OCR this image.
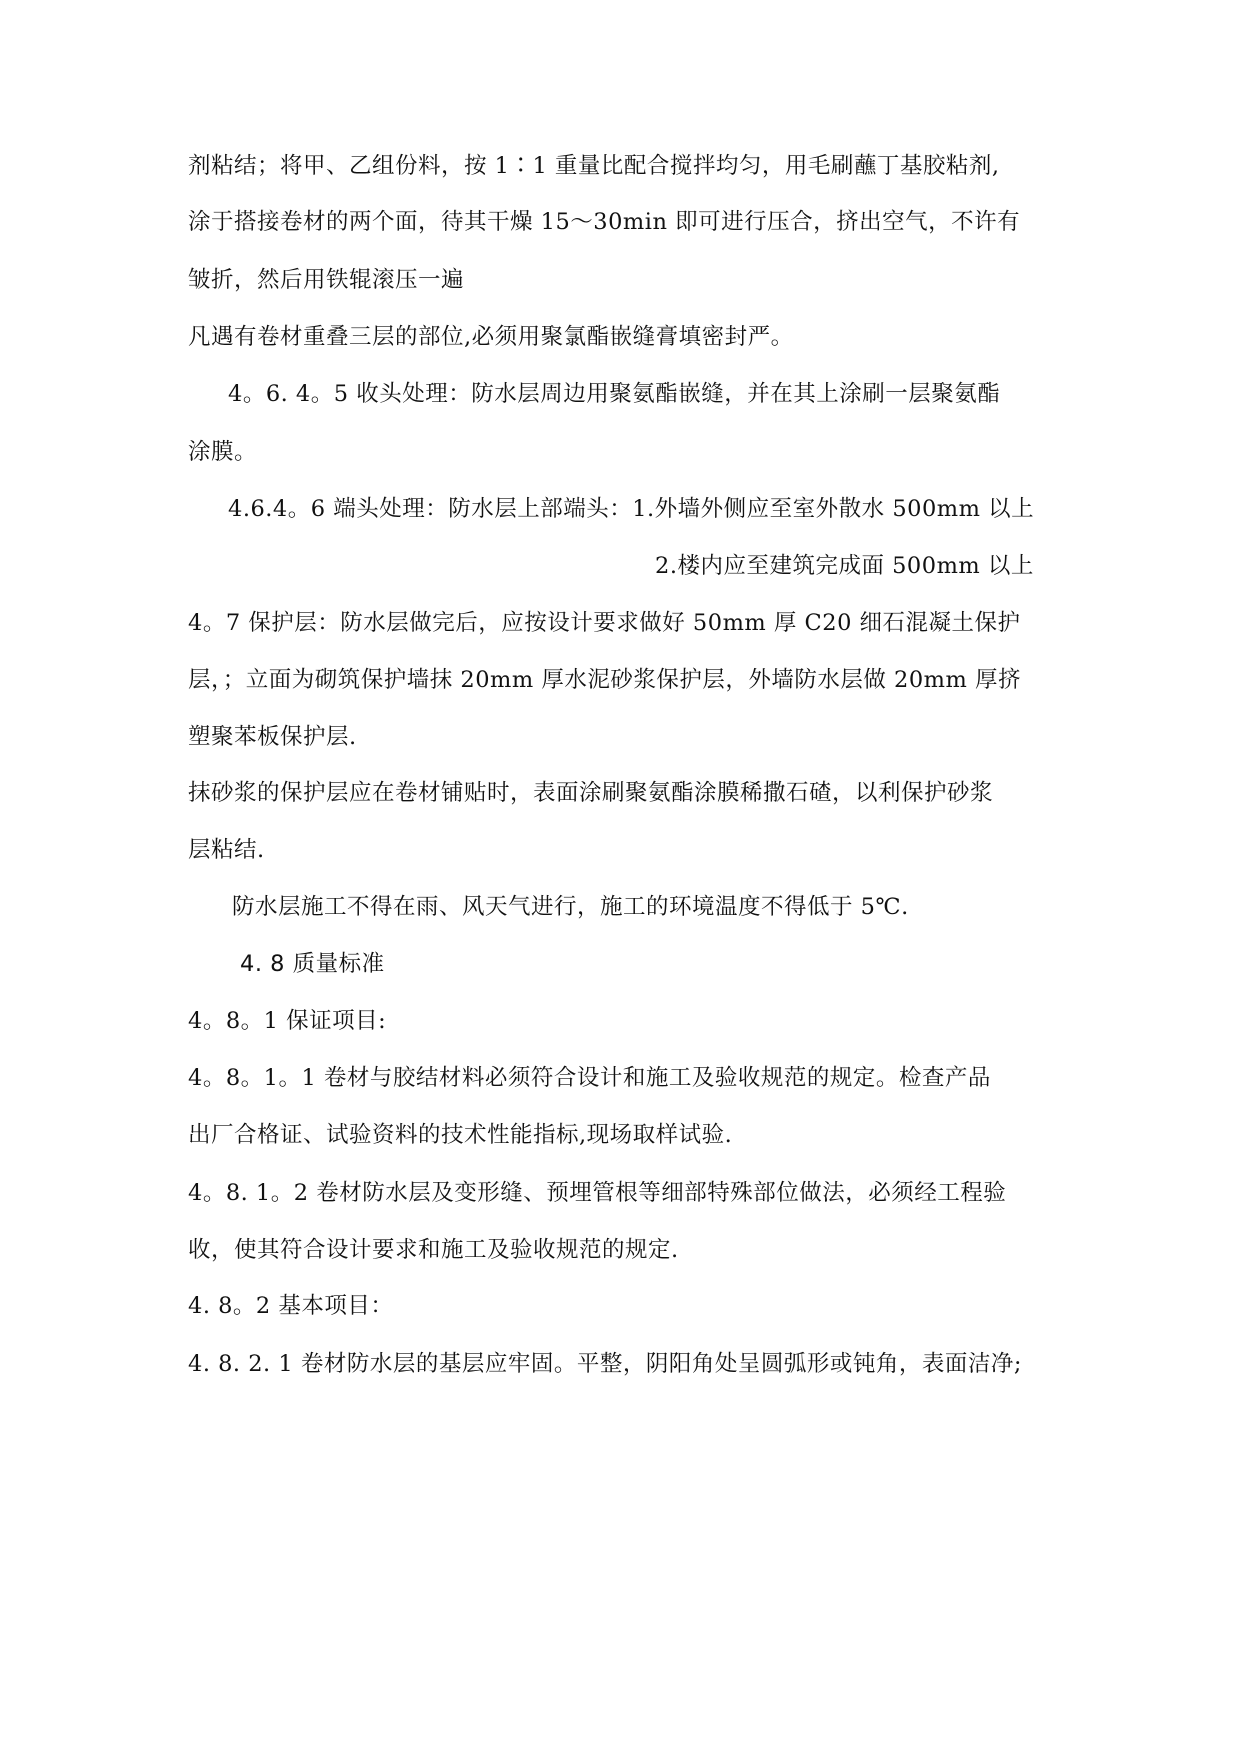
剂粘结；将甲、乙组份料，按 1∶1 重量比配合搅拌均匀，用毛刷蘸丁基胶粘剂,
涂于搭接卷材的两个面，待其干燥 15～30min 即可进行压合，挤出空气，不许有
皱折，然后用铁辊滚压一遍
凡遇有卷材重叠三层的部位,必须用聚氯酯嵌缝膏填密封严。
4。6. 4。5 收头处理：防水层周边用聚氨酯嵌缝，并在其上涂刷一层聚氨酯
涂膜。
4.6.4。6 端头处理：防水层上部端头：1.外墙外侧应至室外散水 500mm 以上
2.楼内应至建筑完成面 500mm 以上
4。7 保护层：防水层做完后，应按设计要求做好 50mm 厚 C20 细石混凝土保护
层，；立面为砌筑保护墙抹 20mm 厚水泥砂浆保护层，外墙防水层做 20mm 厚挤
塑聚苯板保护层.
抹砂浆的保护层应在卷材铺贴时，表面涂刷聚氨酯涂膜稀撒石碴，以利保护砂浆
层粘结.
防水层施工不得在雨、风天气进行，施工的环境温度不得低于 5℃.
4. 8 质量标准
4。8。1 保证项目:
4。8。1。1 卷材与胶结材料必须符合设计和施工及验收规范的规定。检查产品
出厂合格证、试验资料的技术性能指标,现场取样试验.
4。8. 1。2 卷材防水层及变形缝、预埋管根等细部特殊部位做法，必须经工程验
收，使其符合设计要求和施工及验收规范的规定.
4. 8。2 基本项目：
4. 8. 2. 1 卷材防水层的基层应牢固。平整，阴阳角处呈圆弧形或钝角，表面洁净;
